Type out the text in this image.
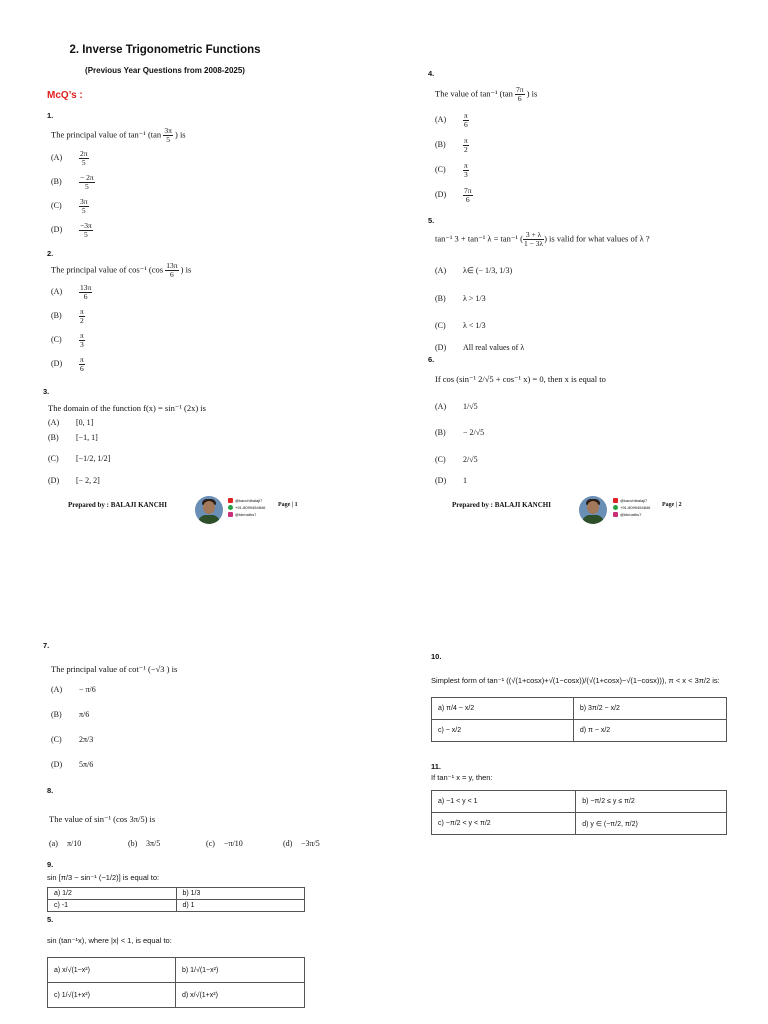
2. Inverse Trigonometric Functions
(Previous Year Questions from 2008-2025)
McQ’s :
1.
The principal value of tan⁻¹ ($\tan \frac{3\pi}{5}$ ) is
$(A) \frac{2\pi}{5}$
$(B) \frac{- 2\pi}{5}$
$(C) \frac{3\pi}{5}$
$(D) \frac{-3\pi}{5}$
2.
The principal value of cos⁻¹ ($\cos \frac{13\pi}{6}$ ) is
$(A) \frac{13\pi}{6}$
$(B) \frac{\pi}{2}$
$(C) \frac{\pi}{3}$
$(D) \frac{\pi}{6}$
3.
The domain of the function f(x) = sin⁻¹ (2x) is
(A) [0, 1]
(B) [−1, 1]
(C) [−1/2, 1/2]
(D) [− 2, 2]
Prepared by : BALAJI KANCHI
@kanchibalaji7
+91-8099454846
@kbmaths7
Page | 1
4.
The value of tan⁻¹ ($\tan \frac{7\pi}{6}$ ) is
$(A) \frac{\pi}{6}$
$(B) \frac{\pi}{2}$
$(C) \frac{\pi}{3}$
$(D) \frac{7\pi}{6}$
5.
tan⁻¹ 3 + tan⁻¹ λ = tan⁻¹ ( $\frac{3 + \lambda}{1 - 3\lambda}$ ) is valid for what values of λ ?
(A) λ∈ (− 1/3, 1/3)
(B) λ > 1/3
(C) λ < 1/3
(D) All real values of λ
6.
If cos (sin⁻¹ 2/√5 + cos⁻¹ x) = 0, then x is equal to
(A) 1/√5
(B) − 2/√5
(C) 2/√5
(D) 1
Prepared by : BALAJI KANCHI
@kanchibalaji7
+91-8099454846
@kbmaths7
Page | 2
7.
The principal value of cot⁻¹ (−√3 ) is
(A) − π/6
(B) π/6
(C) 2π/3
(D) 5π/6
8.
The value of sin⁻¹ (cos 3π/5) is
(a) π/10	(b) 3π/5	(c) −π/10	(d) −3π/5
9.
sin [π/3 − sin⁻¹ (−1/2)] is equal to:
a) 1/2	b) 1/3
c) -1	d) 1
5.
sin (tan⁻¹x), where |x| < 1, is equal to:
a) x/√(1−x²)	b) 1/√(1−x²)
c) 1/√(1+x²)	d) x/√(1+x²)
10.
Simplest form of tan⁻¹ ((√(1+cosx)+√(1−cosx))/(√(1+cosx)−√(1−cosx))), π < x < 3π/2 is:
a) π/4 − x/2	b) 3π/2 − x/2
c) − x/2	d) π − x/2
11.
If tan⁻¹ x = y, then:
a) −1 < y < 1	b) −π/2 ≤ y ≤ π/2
c) −π/2 < y < π/2	d) y ∈ (−π/2, π/2)
